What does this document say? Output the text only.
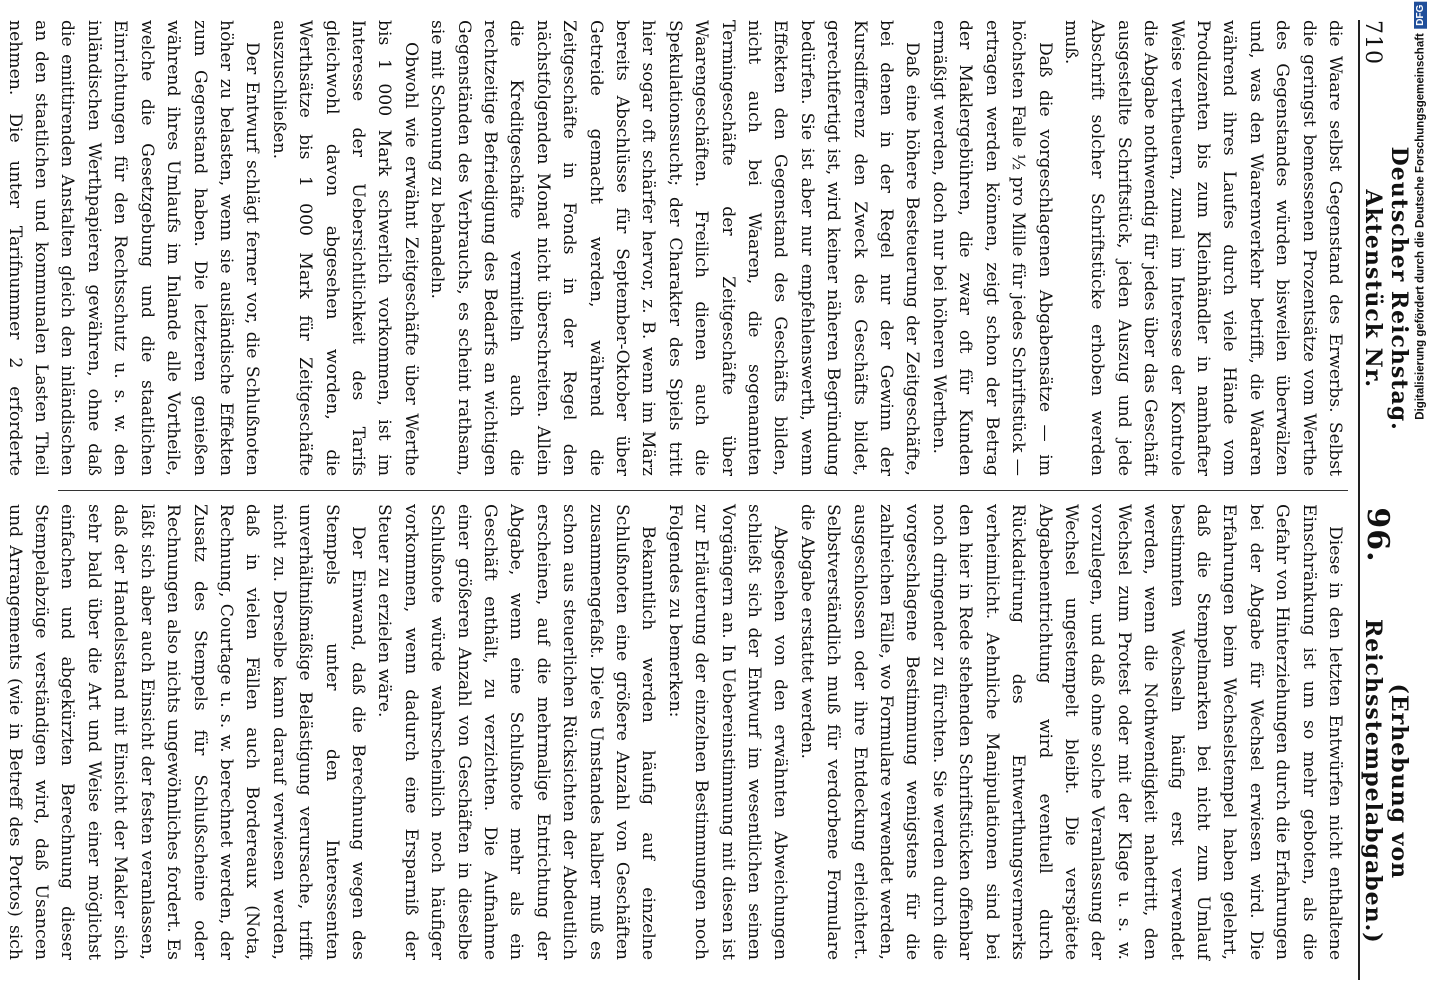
710
Deutscher Reichstag. Aktenstück Nr.
96.
(Erhebung von Reichsstempelabgaben.)

die Waare selbst Gegenstand des Erwerbs. Selbst die geringst bemessenen Prozentsätze vom Werthe des Gegenstandes würden bisweilen überwälzen und, was den Waarenverkehr betrifft, die Waaren während ihres Laufes durch viele Hände vom Produzenten bis zum Kleinhändler in namhafter Weise vertheuern, zumal im Interesse der Kontrole die Abgabe nothwendig für jedes über das Geschäft ausgestellte Schriftstück, jeden Auszug und jede Abschrift solcher Schriftstücke erhoben werden muß.

Daß die vorgeschlagenen Abgabensätze — im höchsten Falle ½ pro Mille für jedes Schriftstück — ertragen werden können, zeigt schon der Betrag der Maklergebühren, die zwar oft für Kunden ermäßigt werden, doch nur bei höheren Werthen.

Daß eine höhere Besteuerung der Zeitgeschäfte, bei denen in der Regel nur der Gewinn der Kursdifferenz den Zweck des Geschäfts bildet, gerechtfertigt ist, wird keiner näheren Begründung bedürfen. Sie ist aber nur empfehlenswerth, wenn Effekten den Gegenstand des Geschäfts bilden, nicht auch bei Waaren, die sogenannten Termingeschäfte der Zeitgeschäfte über Waarengeschäften. Freilich dienen auch die Spekulationssucht; der Charakter des Spiels tritt hier sogar oft schärfer hervor, z. B. wenn im März bereits Abschlüsse für September-Oktober über Getreide gemacht werden, während die Zeitgeschäfte in Fonds in der Regel den nächstfolgenden Monat nicht überschreiten. Allein die Kreditgeschäfte vermitteln auch die rechtzeitige Befriedigung des Bedarfs an wichtigen Gegenständen des Verbrauchs, es scheint rathsam, sie mit Schonung zu behandeln.

Obwohl wie erwähnt Zeitgeschäfte über Werthe bis 1 000 Mark schwerlich vorkommen, ist im Interesse der Uebersichtlichkeit des Tarifs gleichwohl davon abgesehen worden, die Werthsätze bis 1 000 Mark für Zeitgeschäfte auszuschließen.

Der Entwurf schlägt ferner vor, die Schlußnoten höher zu belasten, wenn sie ausländische Effekten zum Gegenstand haben. Die letzteren genießen während ihres Umlaufs im Inlande alle Vortheile, welche die Gesetzgebung und die staatlichen Einrichtungen für den Rechtsschutz u. s. w. den inländischen Werthpapieren gewähren, ohne daß die emittirenden Anstalten gleich den inländischen an den staatlichen und kommunalen Lasten Theil nehmen. Die unter Tarifnummer 2 erforderte

Diese in den letzten Entwürfen nicht enthaltene Einschränkung ist um so mehr geboten, als die Gefahr von Hinterziehungen durch die Erfahrungen bei der Abgabe für Wechsel erwiesen wird. Die Erfahrungen beim Wechselstempel haben gelehrt, daß die Stempelmarken bei nicht zum Umlauf bestimmten Wechseln häufig erst verwendet werden, wenn die Nothwendigkeit nahetritt, den Wechsel zum Protest oder mit der Klage u. s. w. vorzulegen, und daß ohne solche Veranlassung der Wechsel ungestempelt bleibt. Die verspätete Abgabenentrichtung wird eventuell durch Rückdatirung des Entwerthungsvermerks verheimlicht. Aehnliche Manipulationen sind bei den hier in Rede stehenden Schriftstücken offenbar noch dringender zu fürchten. Sie werden durch die vorgeschlagene Bestimmung wenigstens für die zahlreichen Fälle, wo Formulare verwendet werden, ausgeschlossen oder ihre Entdeckung erleichtert. Selbstverständlich muß für verdorbene Formulare die Abgabe erstattet werden.

Abgesehen von den erwähnten Abweichungen schließt sich der Entwurf im wesentlichen seinen Vorgängern an. In Uebereinstimmung mit diesen ist zur Erläuterung der einzelnen Bestimmungen noch Folgendes zu bemerken:

Bekanntlich werden häufig auf einzelne Schlußnoten eine größere Anzahl von Geschäften zusammengefaßt. Die'es Umstandes halber muß es schon aus steuerlichen Rücksichten der Abdeutlich erscheinen, auf die mehrmalige Entrichtung der Abgabe, wenn eine Schlußnote mehr als ein Geschäft enthält, zu verzichten. Die Aufnahme einer größeren Anzahl von Geschäften in dieselbe Schlußnote würde wahrscheinlich noch häufiger vorkommen, wenn dadurch eine Ersparniß der Steuer zu erzielen wäre.

Der Einwand, daß die Berechnung wegen des Stempels unter den Interessenten unverhältnißmäßige Belästigung verursache, trifft nicht zu. Derselbe kann darauf verwiesen werden, daß in vielen Fällen auch Bordereaux (Nota, Rechnung, Courtage u. s. w. berechnet werden, der Zusatz des Stempels für Schlußscheine oder Rechnungen also nichts ungewöhnliches fordert. Es läßt sich aber auch Einsicht der festen veranlassen, daß der Handelsstand mit Einsicht der Makler sich sehr bald über die Art und Weise einer möglichst einfachen und abgekürzten Berechnung dieser Stempelabzüge verständigen wird, daß Usancen und Arrangements (wie in Betreff des Portos) sich

Digitalisierung gefördert durch die Deutsche Forschungsgemeinschaft
DFG
